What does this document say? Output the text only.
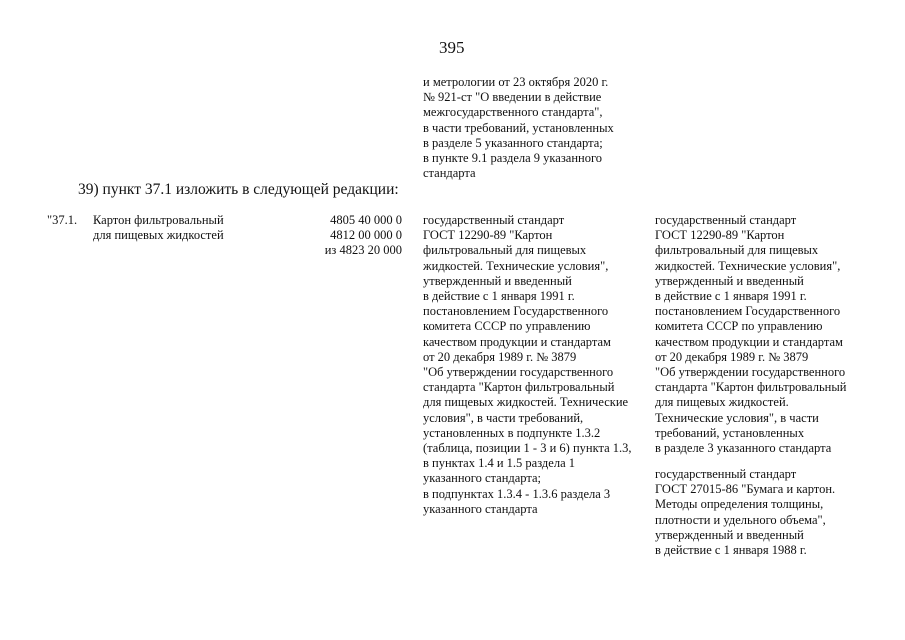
395
и метрологии от 23 октября 2020 г.
№ 921-ст "О введении в действие
межгосударственного стандарта",
в части требований, установленных
в разделе 5 указанного стандарта;
в пункте 9.1 раздела 9 указанного
стандарта
39) пункт 37.1 изложить в следующей редакции:
"37.1. Картон фильтровальный
для пищевых жидкостей
4805 40 000 0
4812 00 000 0
из 4823 20 000
государственный стандарт
ГОСТ 12290-89 "Картон
фильтровальный для пищевых
жидкостей. Технические условия",
утвержденный и введенный
в действие с 1 января 1991 г.
постановлением Государственного
комитета СССР по управлению
качеством продукции и стандартам
от 20 декабря 1989 г. № 3879
"Об утверждении государственного
стандарта "Картон фильтровальный
для пищевых жидкостей. Технические
условия", в части требований,
установленных в подпункте 1.3.2
(таблица, позиции 1 - 3 и 6) пункта 1.3,
в пунктах 1.4 и 1.5 раздела 1
указанного стандарта;
в подпунктах 1.3.4 - 1.3.6 раздела 3
указанного стандарта
государственный стандарт
ГОСТ 12290-89 "Картон
фильтровальный для пищевых
жидкостей. Технические условия",
утвержденный и введенный
в действие с 1 января 1991 г.
постановлением Государственного
комитета СССР по управлению
качеством продукции и стандартам
от 20 декабря 1989 г. № 3879
"Об утверждении государственного
стандарта "Картон фильтровальный
для пищевых жидкостей.
Технические условия", в части
требований, установленных
в разделе 3 указанного стандарта
государственный стандарт
ГОСТ 27015-86 "Бумага и картон.
Методы определения толщины,
плотности и удельного объема",
утвержденный и введенный
в действие с 1 января 1988 г.
